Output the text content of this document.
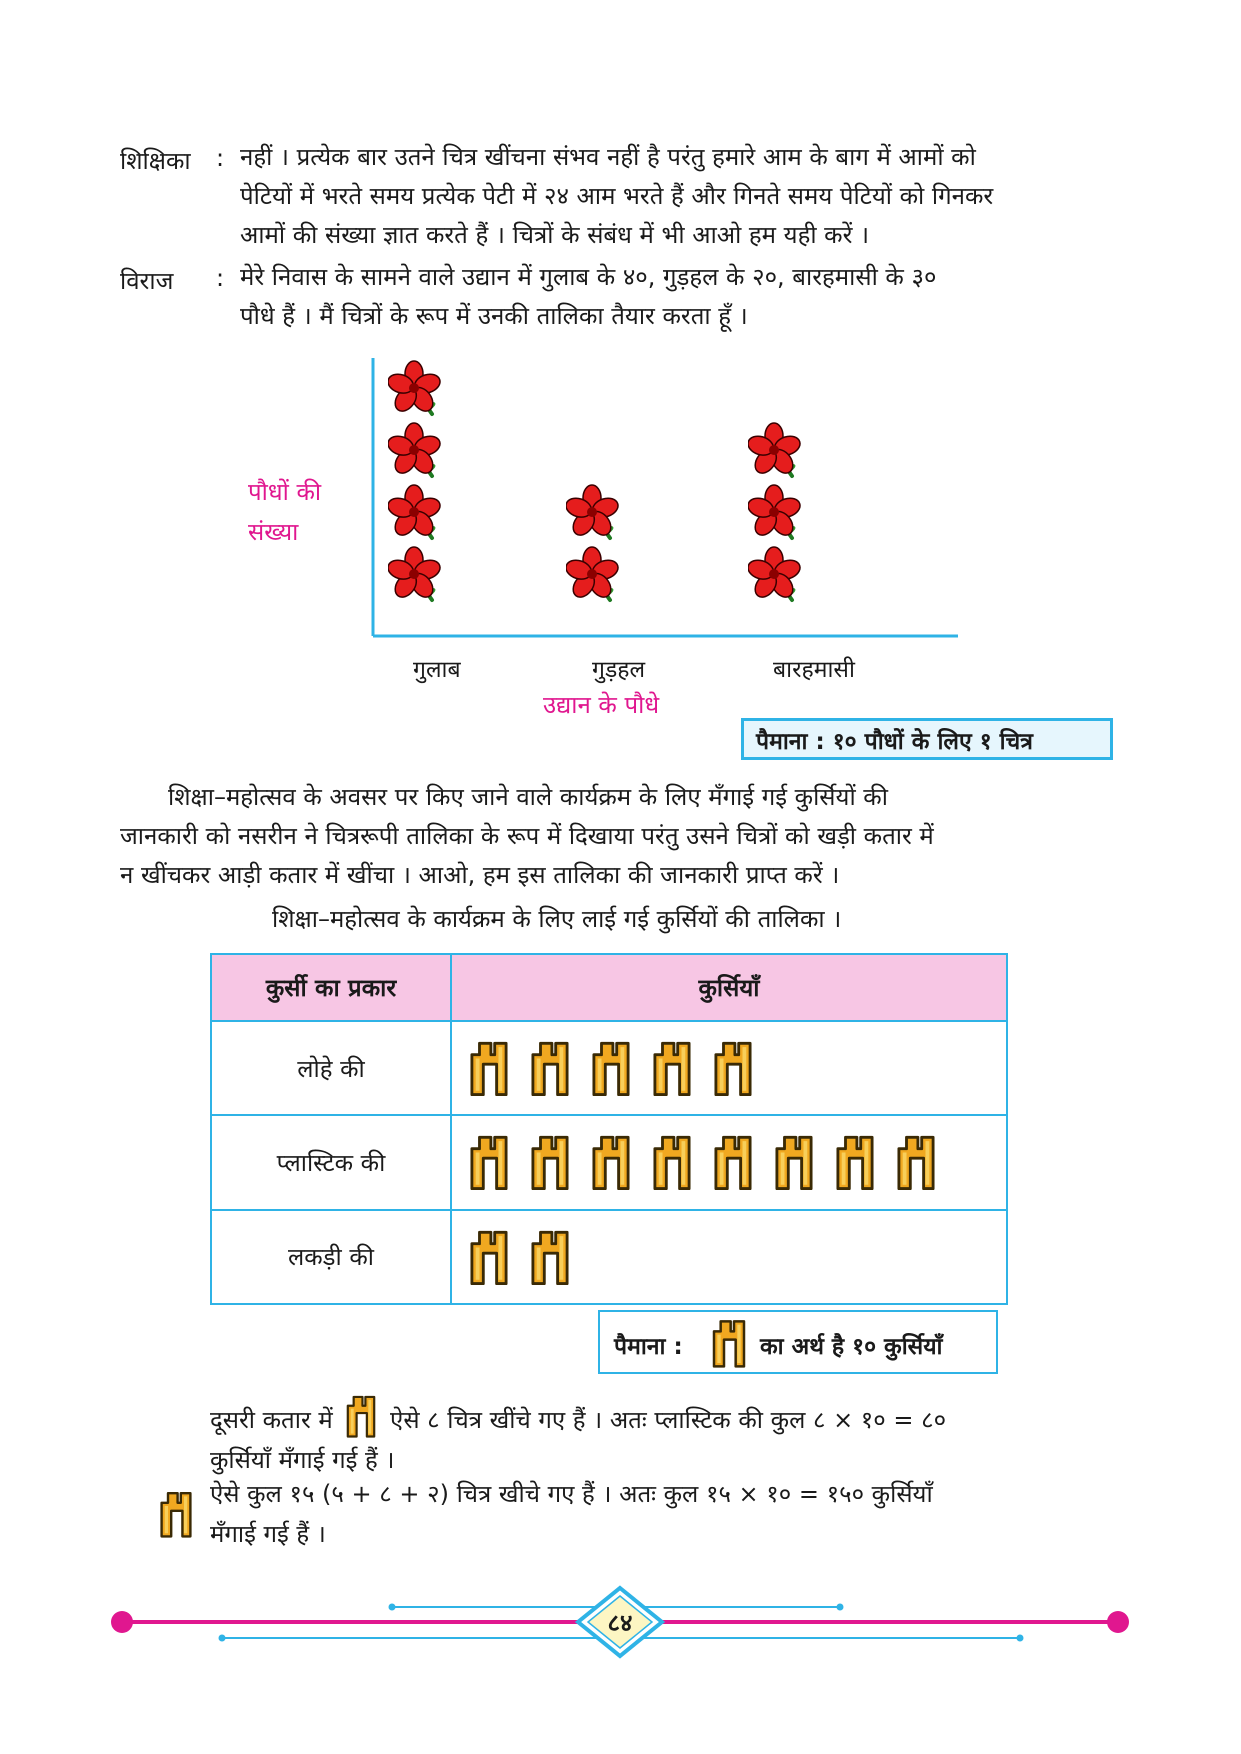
शिक्षिका : नहीं । प्रत्येक बार उतने चित्र खींचना संभव नहीं है परंतु हमारे आम के बाग में आमों को
पेटियों में भरते समय प्रत्येक पेटी में २४ आम भरते हैं और गिनते समय पेटियों को गिनकर
आमों की संख्या ज्ञात करते हैं । चित्रों के संबंध में भी आओ हम यही करें ।
विराज : मेरे निवास के सामने वाले उद्यान में गुलाब के ४०, गुड़हल के २०, बारहमासी के ३०
पौधे हैं । मैं चित्रों के रूप में उनकी तालिका तैयार करता हूँ ।
पौधों की
संख्या
गुलाब	गुड़हल	बारहमासी
उद्यान के पौधे
पैमाना : १० पौधों के लिए १ चित्र
शिक्षा–महोत्सव के अवसर पर किए जाने वाले कार्यक्रम के लिए मँगाई गई कुर्सियों की
जानकारी को नसरीन ने चित्ररूपी तालिका के रूप में दिखाया परंतु उसने चित्रों को खड़ी कतार में
न खींचकर आड़ी कतार में खींचा । आओ, हम इस तालिका की जानकारी प्राप्त करें ।
शिक्षा–महोत्सव के कार्यक्रम के लिए लाई गई कुर्सियों की तालिका ।
कुर्सी का प्रकार	कुर्सियाँ
लोहे की	
प्लास्टिक की	
लकड़ी की	
पैमाना :	का अर्थ है १० कुर्सियाँ
दूसरी कतार में ऐसे ८ चित्र खींचे गए हैं । अतः प्लास्टिक की कुल ८ × १० = ८०
कुर्सियाँ मँगाई गई हैं ।
ऐसे कुल १५ (५ + ८ + २) चित्र खीचे गए हैं । अतः कुल १५ × १० = १५० कुर्सियाँ
मँगाई गई हैं ।
८४
